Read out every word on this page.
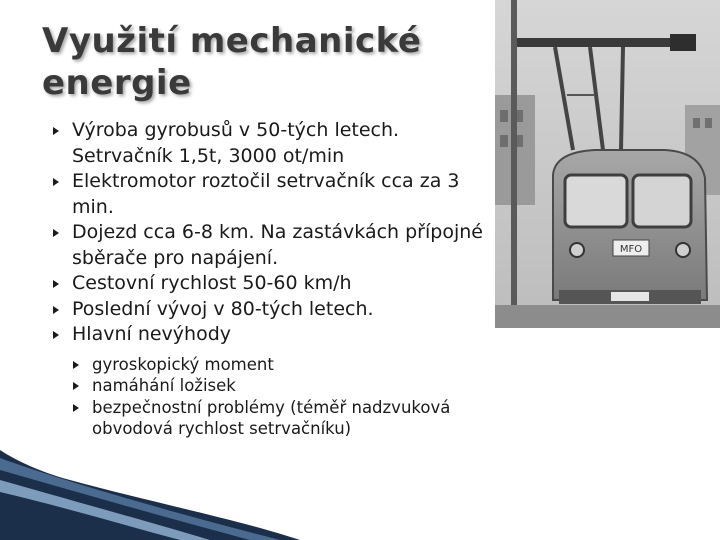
Využití mechanické energie
Výroba gyrobusů v 50-tých letech. Setrvačník 1,5t, 3000 ot/min
Elektromotor roztočil setrvačník cca za 3 min.
Dojezd cca 6-8 km. Na zastávkách přípojné sběrače pro napájení.
Cestovní rychlost 50-60 km/h
Poslední vývoj v 80-tých letech.
Hlavní nevýhody
gyroskopický moment
namáhání ložisek
bezpečnostní problémy (téměř nadzvuková obvodová rychlost setrvačníku)
MFO
